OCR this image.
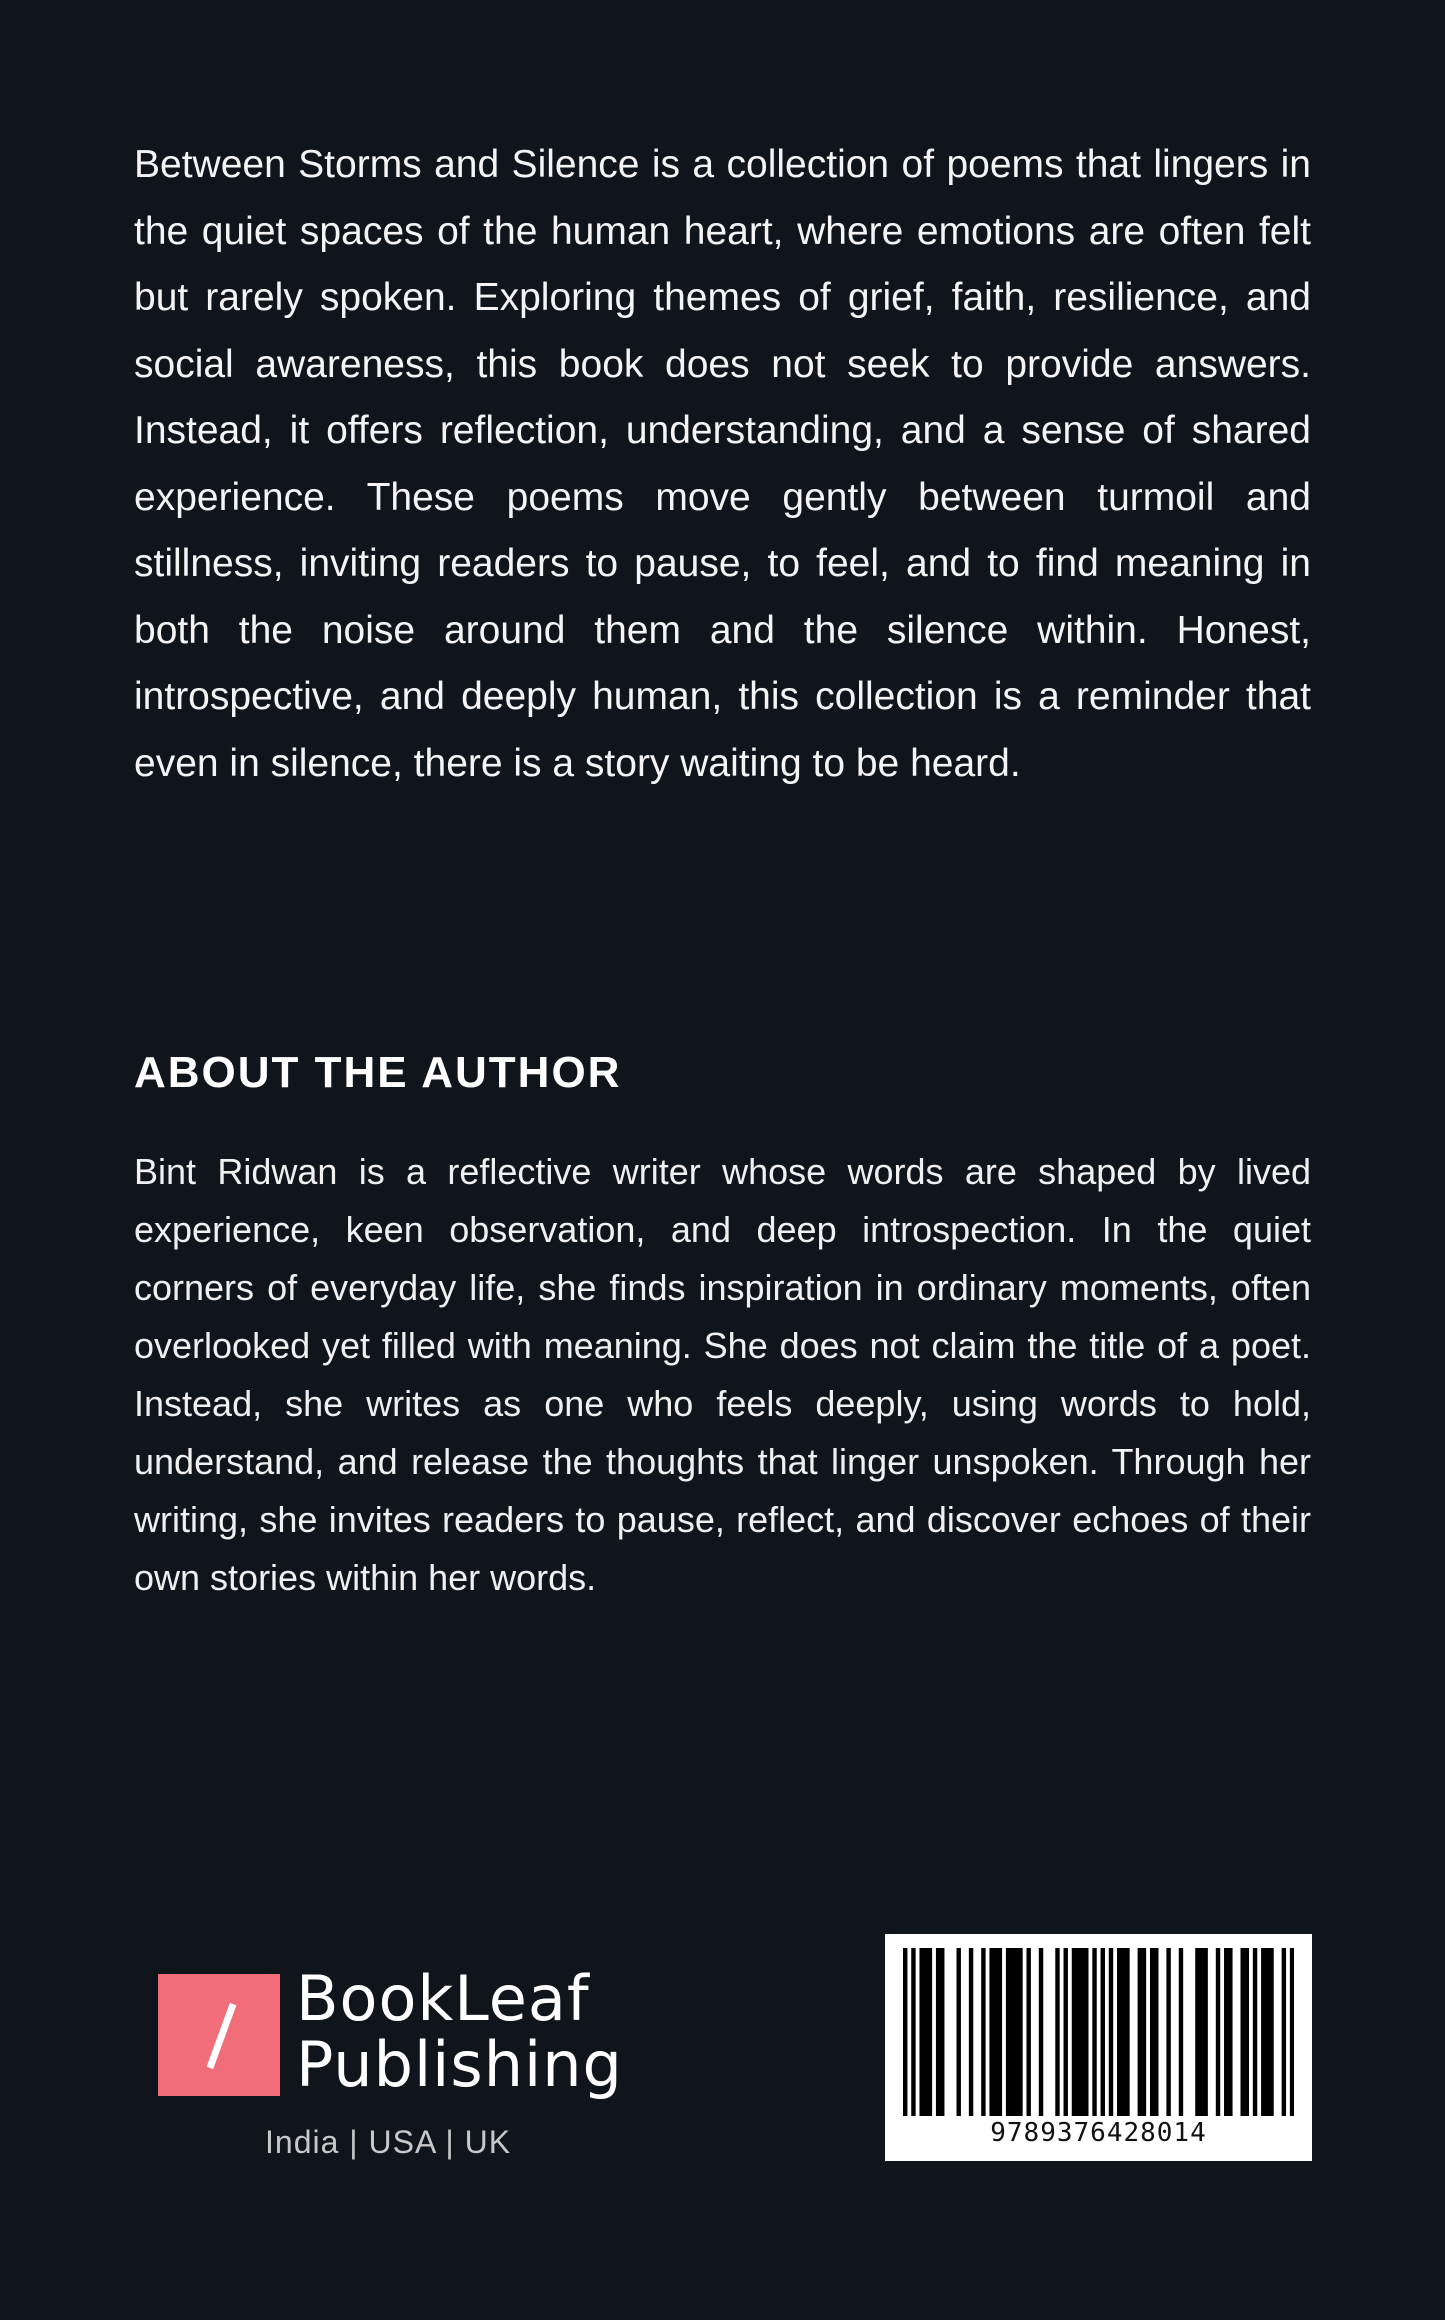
Between Storms and Silence is a collection of poems that lingers in the quiet spaces of the human heart, where emotions are often felt but rarely spoken. Exploring themes of grief, faith, resilience, and social awareness, this book does not seek to provide answers. Instead, it offers reflection, understanding, and a sense of shared experience. These poems move gently between turmoil and stillness, inviting readers to pause, to feel, and to find meaning in both the noise around them and the silence within. Honest, introspective, and deeply human, this collection is a reminder that even in silence, there is a story waiting to be heard.

ABOUT THE AUTHOR

Bint Ridwan is a reflective writer whose words are shaped by lived experience, keen observation, and deep introspection. In the quiet corners of everyday life, she finds inspiration in ordinary moments, often overlooked yet filled with meaning. She does not claim the title of a poet. Instead, she writes as one who feels deeply, using words to hold, understand, and release the thoughts that linger unspoken. Through her writing, she invites readers to pause, reflect, and discover echoes of their own stories within her words.

BookLeaf
Publishing
India | USA | UK	9789376428014
